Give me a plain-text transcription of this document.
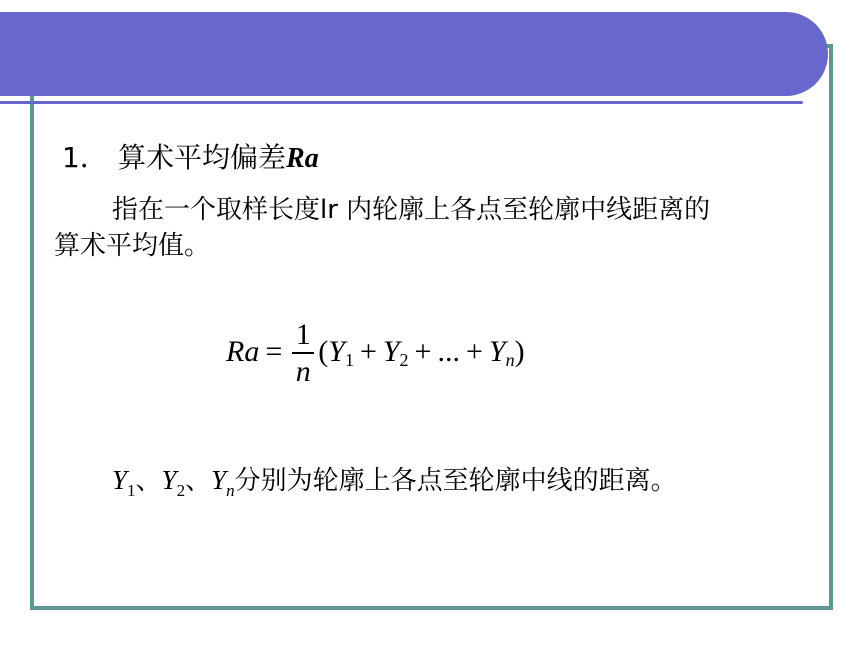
1． 算术平均偏差Ra
指在一个取样长度lr 内轮廓上各点至轮廓中线距离的
算术平均值。
$Ra = \frac{1}{n}$ ( Y 1 + Y 2 + ... + Y n )
$Y_1$、$Y_2$、$Y_n$分别为轮廓上各点至轮廓中线的距离。
